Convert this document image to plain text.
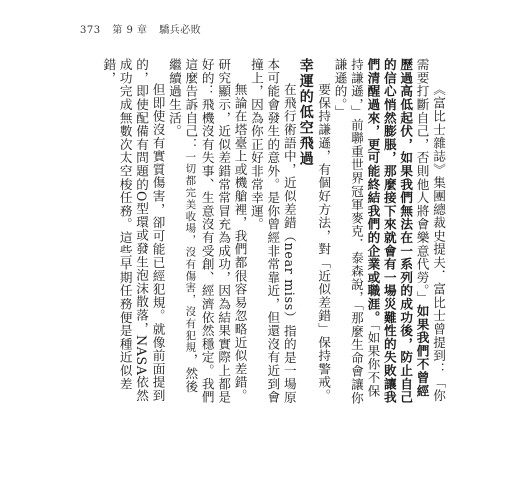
373 第 9 章 驕兵必敗

《富比士雜誌》集團總裁史提夫．富比士曾提到：「你需要打斷自己，否則他人將會樂意代勞。」如果我們不曾經歷過高低起伏，如果我們無法在一系列的成功後，防止自己的信心悄然膨脹，那麼接下來就會有一場災難性的失敗讓我們清醒過來，更可能終結我們的企業或職涯。「如果你不保持謙遜，」前聯重世界冠軍麥克．泰森說，「那麼生命會讓你謙遜的。」

要保持謙遜，有個好方法，對「近似差錯」保持警戒。

幸運的低空飛過

在飛行術語中，近似差錯（near miss）指的是一場原本可能會發生的意外。是你曾經非常靠近，但還沒有近到會撞上，因為你正好非常幸運。

無論在塔臺上或機艙裡，我們都很容易忽略近似差錯。研究顯示，近似差錯常常冒充為成功，因為結果實際上都是好的：飛機沒有失事、生意沒有受創、經濟依然穩定。我們這麼告訴自己：一切都完美收場，沒有傷害，沒有犯規，然後繼續過生活。

但即使沒有實質傷害，卻可能已經犯規。就像前面提到的，即使配備有問題的O型環或發生泡沫散落，NASA依然成功完成無數次太空梭任務。這些早期任務便是種近似差錯，
